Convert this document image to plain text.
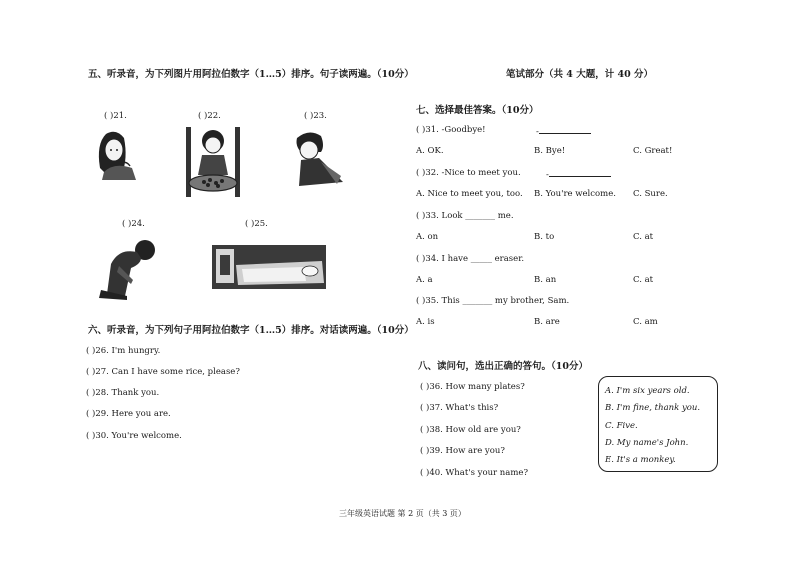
五、听录音，为下列图片用阿拉伯数字（1…5）排序。句子读两遍。（10分）
( )21.	( )22.	( )23.
( )24.	( )25.
六、听录音，为下列句子用阿拉伯数字（1…5）排序。对话读两遍。（10分）
( )26. I'm hungry.
( )27. Can I have some rice, please?
( )28. Thank you.
( )29. Here you are.
( )30. You're welcome.
笔试部分（共 4 大题，计 40 分）
七、选择最佳答案。（10分）
( )31. -Goodbye!	-
A. OK.	B. Bye!	C. Great!
( )32. -Nice to meet you.	-
A. Nice to meet you, too. B. You're welcome. C. Sure.
( )33. Look _______ me.
A. on	B. to	C. at
( )34. I have _____ eraser.
A. a	B. an	C. at
( )35. This _______ my brother, Sam.
A. is	B. are	C. am
八、读问句，选出正确的答句。（10分）
( )36. How many plates?
( )37. What's this?
( )38. How old are you?
( )39. How are you?
( )40. What's your name?
A. I'm six years old.
B. I'm fine, thank you.
C. Five.
D. My name's John.
E. It's a monkey.
三年级英语试题 第 2 页（共 3 页）
